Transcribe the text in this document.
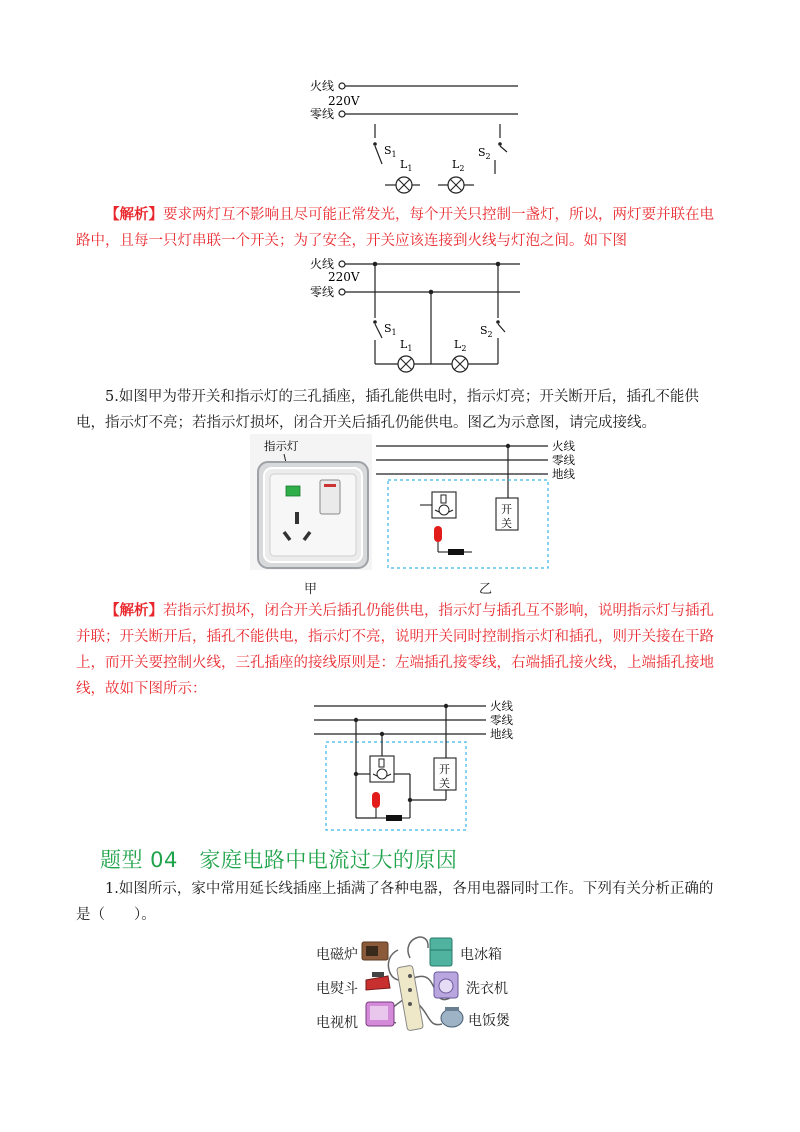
火线
220V
零线
$S_1$	$S_2$
$L_1$	$L_2$
【解析】要求两灯互不影响且尽可能正常发光，每个开关只控制一盏灯，所以，两灯要并联在电路中，且每一只灯串联一个开关；为了安全，开关应该连接到火线与灯泡之间。如下图
火线
220V
零线
$S_1$
$L_1$	$L_2$
$S_2$
5.如图甲为带开关和指示灯的三孔插座，插孔能供电时，指示灯亮；开关断开后，插孔不能供电，指示灯不亮；若指示灯损坏，闭合开关后插孔仍能供电。图乙为示意图，请完成接线。
指示灯
甲
火线
零线
地线
开
关
乙
【解析】若指示灯损坏，闭合开关后插孔仍能供电，指示灯与插孔互不影响，说明指示灯与插孔并联；开关断开后，插孔不能供电，指示灯不亮，说明开关同时控制指示灯和插孔，则开关接在干路上，而开关要控制火线，三孔插座的接线原则是：左端插孔接零线，右端插孔接火线，上端插孔接地线，故如下图所示：
火线
零线
地线
开
关
题型 04　家庭电路中电流过大的原因
1.如图所示，家中常用延长线插座上插满了各种电器，各用电器同时工作。下列有关分析正确的是（　　）。
电磁炉
电熨斗
电视机
电冰箱
洗衣机
电饭煲
